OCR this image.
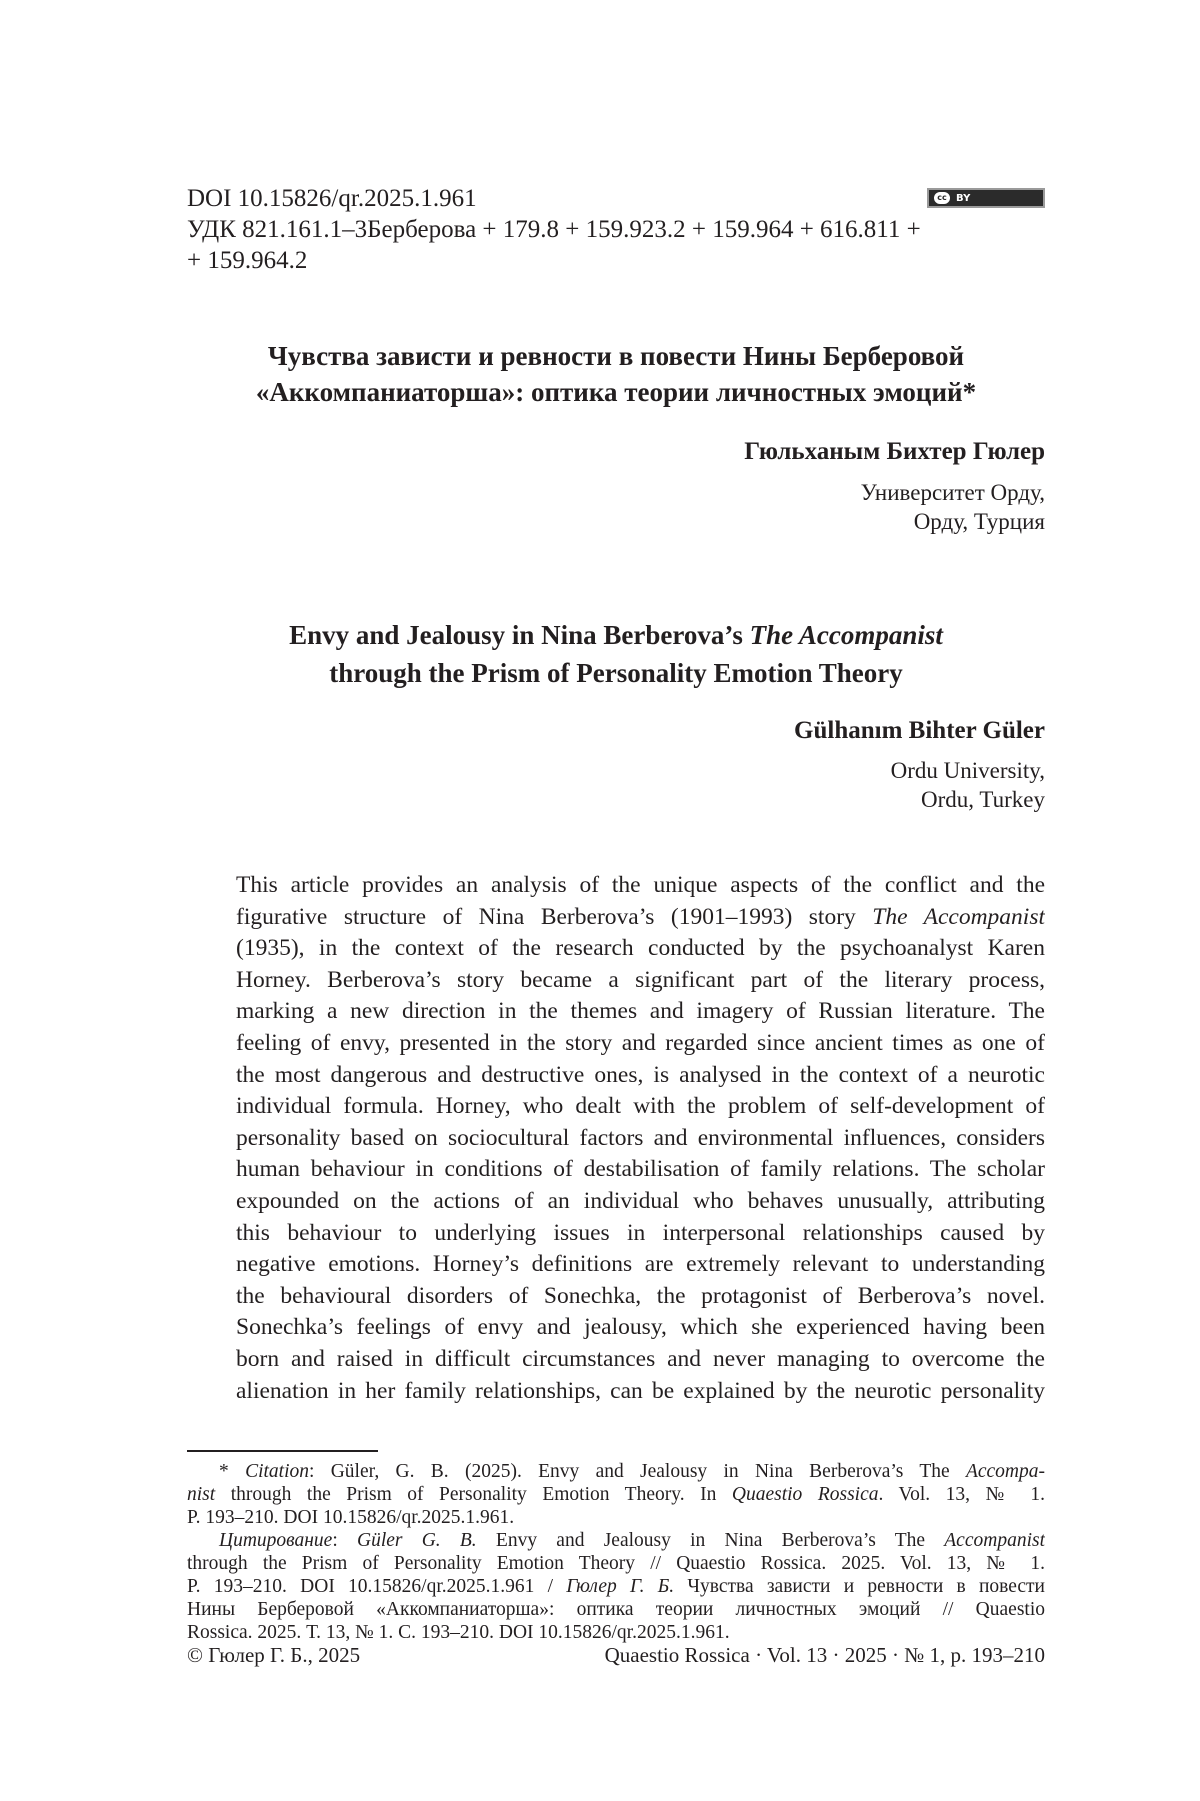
DOI 10.15826/qr.2025.1.961	cc BY
УДК 821.161.1–3Берберова + 179.8 + 159.923.2 + 159.964 + 616.811 +
+ 159.964.2
Чувства зависти и ревности в повести Нины Берберовой
«Аккомпаниаторша»: оптика теории личностных эмоций*
Гюльханым Бихтер Гюлер
Университет Орду,
Орду, Турция
Envy and Jealousy in Nina Berberova’s The Accompanist
through the Prism of Personality Emotion Theory
Gülhanım Bihter Güler
Ordu University,
Ordu, Turkey
This article provides an analysis of the unique aspects of the conflict and the
figurative structure of Nina Berberova’s (1901–1993) story The Accompanist
(1935), in the context of the research conducted by the psychoanalyst Karen
Horney. Berberova’s story became a significant part of the literary process,
marking a new direction in the themes and imagery of Russian literature. The
feeling of envy, presented in the story and regarded since ancient times as one of
the most dangerous and destructive ones, is analysed in the context of a neurotic
individual formula. Horney, who dealt with the problem of self-development of
personality based on sociocultural factors and environmental influences, considers
human behaviour in conditions of destabilisation of family relations. The scholar
expounded on the actions of an individual who behaves unusually, attributing
this behaviour to underlying issues in interpersonal relationships caused by
negative emotions. Horney’s definitions are extremely relevant to understanding
the behavioural disorders of Sonechka, the protagonist of Berberova’s novel.
Sonechka’s feelings of envy and jealousy, which she experienced having been
born and raised in difficult circumstances and never managing to overcome the
alienation in her family relationships, can be explained by the neurotic personality
* Citation: Güler, G. B. (2025). Envy and Jealousy in Nina Berberova’s The Accompa-
nist through the Prism of Personality Emotion Theory. In Quaestio Rossica. Vol. 13, № 1.
P. 193–210. DOI 10.15826/qr.2025.1.961.
Цитирование: Güler G. B. Envy and Jealousy in Nina Berberova’s The Accompanist
through the Prism of Personality Emotion Theory // Quaestio Rossica. 2025. Vol. 13, № 1.
P. 193–210. DOI 10.15826/qr.2025.1.961 / Гюлер Г. Б. Чувства зависти и ревности в повести
Нины Берберовой «Аккомпаниаторша»: оптика теории личностных эмоций // Quaestio
Rossica. 2025. Т. 13, № 1. С. 193–210. DOI 10.15826/qr.2025.1.961.
© Гюлер Г. Б., 2025	Quaestio Rossica · Vol. 13 · 2025 · № 1, p. 193–210
